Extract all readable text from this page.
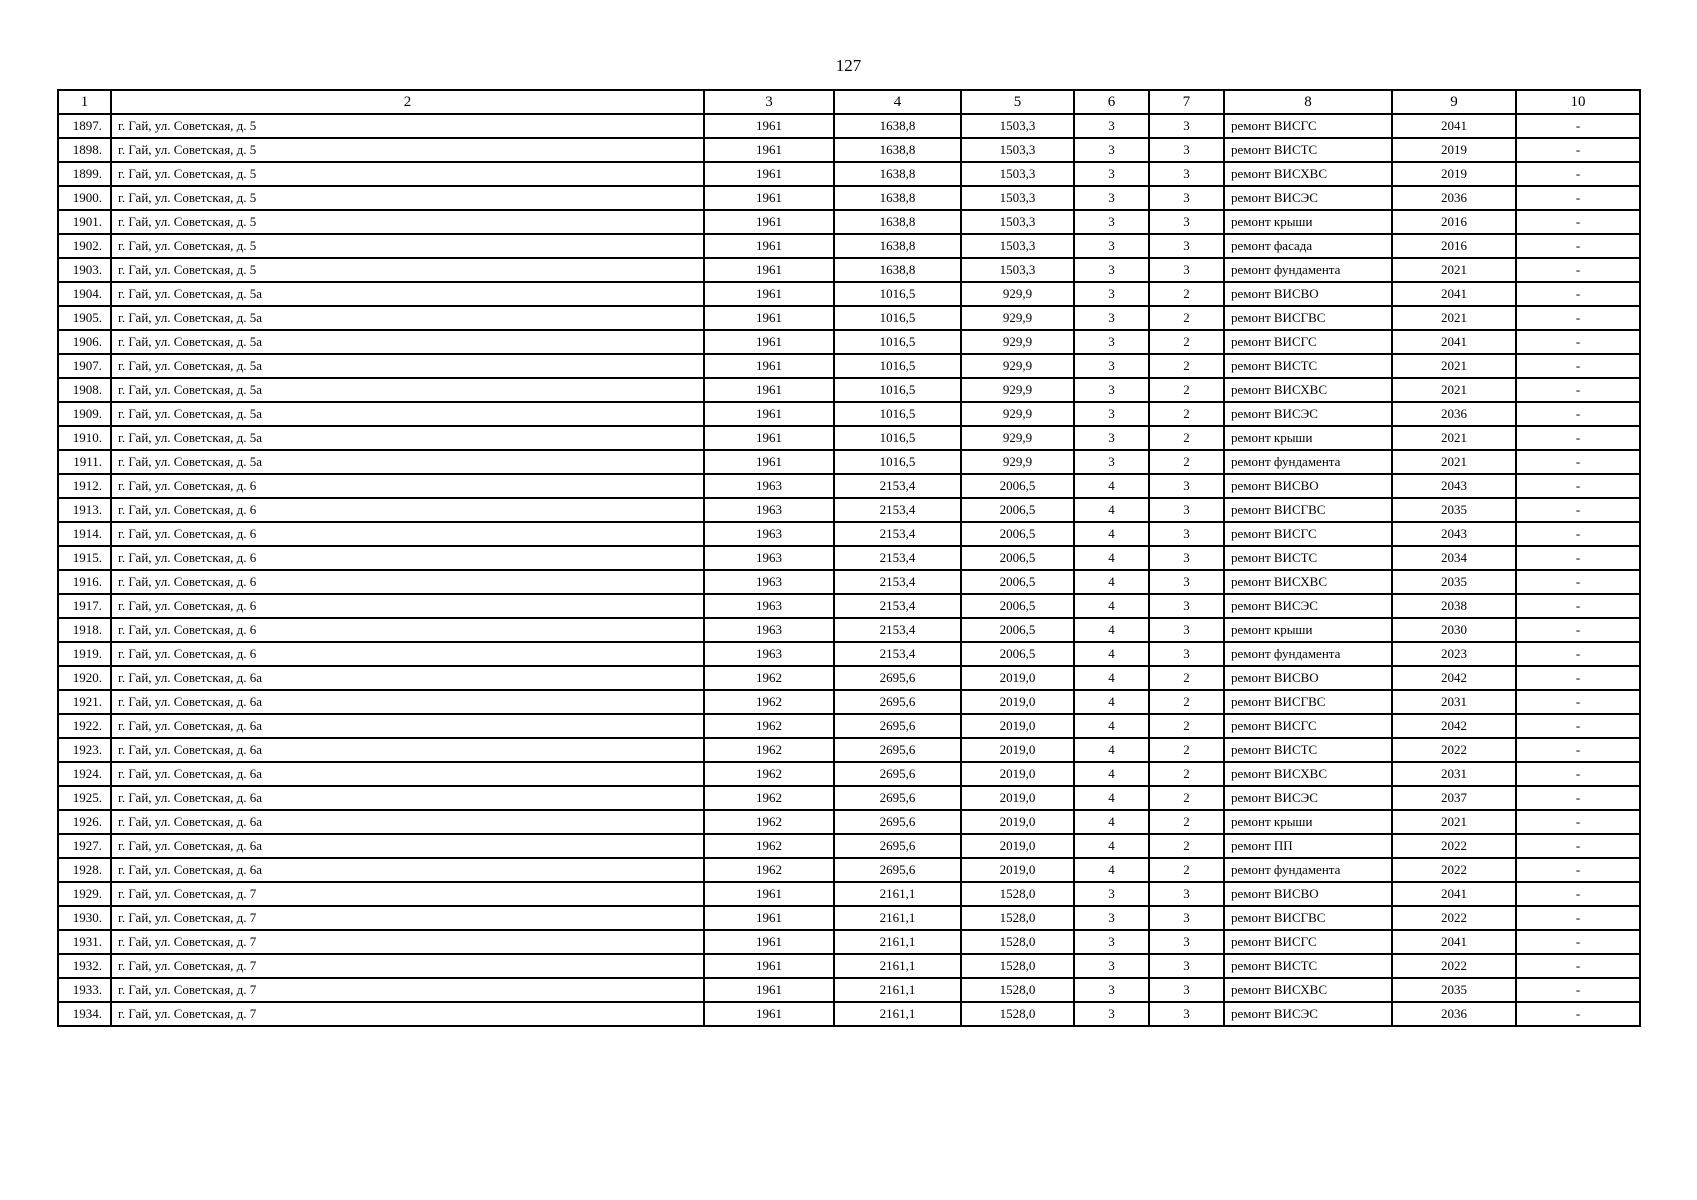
127
1	2	3	4	5	6	7	8	9	10
1897.	г. Гай, ул. Советская, д. 5	1961	1638,8	1503,3	3	3	ремонт ВИСГС	2041	-
1898.	г. Гай, ул. Советская, д. 5	1961	1638,8	1503,3	3	3	ремонт ВИСТС	2019	-
1899.	г. Гай, ул. Советская, д. 5	1961	1638,8	1503,3	3	3	ремонт ВИСХВС	2019	-
1900.	г. Гай, ул. Советская, д. 5	1961	1638,8	1503,3	3	3	ремонт ВИСЭС	2036	-
1901.	г. Гай, ул. Советская, д. 5	1961	1638,8	1503,3	3	3	ремонт крыши	2016	-
1902.	г. Гай, ул. Советская, д. 5	1961	1638,8	1503,3	3	3	ремонт фасада	2016	-
1903.	г. Гай, ул. Советская, д. 5	1961	1638,8	1503,3	3	3	ремонт фундамента	2021	-
1904.	г. Гай, ул. Советская, д. 5а	1961	1016,5	929,9	3	2	ремонт ВИСВО	2041	-
1905.	г. Гай, ул. Советская, д. 5а	1961	1016,5	929,9	3	2	ремонт ВИСГВС	2021	-
1906.	г. Гай, ул. Советская, д. 5а	1961	1016,5	929,9	3	2	ремонт ВИСГС	2041	-
1907.	г. Гай, ул. Советская, д. 5а	1961	1016,5	929,9	3	2	ремонт ВИСТС	2021	-
1908.	г. Гай, ул. Советская, д. 5а	1961	1016,5	929,9	3	2	ремонт ВИСХВС	2021	-
1909.	г. Гай, ул. Советская, д. 5а	1961	1016,5	929,9	3	2	ремонт ВИСЭС	2036	-
1910.	г. Гай, ул. Советская, д. 5а	1961	1016,5	929,9	3	2	ремонт крыши	2021	-
1911.	г. Гай, ул. Советская, д. 5а	1961	1016,5	929,9	3	2	ремонт фундамента	2021	-
1912.	г. Гай, ул. Советская, д. 6	1963	2153,4	2006,5	4	3	ремонт ВИСВО	2043	-
1913.	г. Гай, ул. Советская, д. 6	1963	2153,4	2006,5	4	3	ремонт ВИСГВС	2035	-
1914.	г. Гай, ул. Советская, д. 6	1963	2153,4	2006,5	4	3	ремонт ВИСГС	2043	-
1915.	г. Гай, ул. Советская, д. 6	1963	2153,4	2006,5	4	3	ремонт ВИСТС	2034	-
1916.	г. Гай, ул. Советская, д. 6	1963	2153,4	2006,5	4	3	ремонт ВИСХВС	2035	-
1917.	г. Гай, ул. Советская, д. 6	1963	2153,4	2006,5	4	3	ремонт ВИСЭС	2038	-
1918.	г. Гай, ул. Советская, д. 6	1963	2153,4	2006,5	4	3	ремонт крыши	2030	-
1919.	г. Гай, ул. Советская, д. 6	1963	2153,4	2006,5	4	3	ремонт фундамента	2023	-
1920.	г. Гай, ул. Советская, д. 6а	1962	2695,6	2019,0	4	2	ремонт ВИСВО	2042	-
1921.	г. Гай, ул. Советская, д. 6а	1962	2695,6	2019,0	4	2	ремонт ВИСГВС	2031	-
1922.	г. Гай, ул. Советская, д. 6а	1962	2695,6	2019,0	4	2	ремонт ВИСГС	2042	-
1923.	г. Гай, ул. Советская, д. 6а	1962	2695,6	2019,0	4	2	ремонт ВИСТС	2022	-
1924.	г. Гай, ул. Советская, д. 6а	1962	2695,6	2019,0	4	2	ремонт ВИСХВС	2031	-
1925.	г. Гай, ул. Советская, д. 6а	1962	2695,6	2019,0	4	2	ремонт ВИСЭС	2037	-
1926.	г. Гай, ул. Советская, д. 6а	1962	2695,6	2019,0	4	2	ремонт крыши	2021	-
1927.	г. Гай, ул. Советская, д. 6а	1962	2695,6	2019,0	4	2	ремонт ПП	2022	-
1928.	г. Гай, ул. Советская, д. 6а	1962	2695,6	2019,0	4	2	ремонт фундамента	2022	-
1929.	г. Гай, ул. Советская, д. 7	1961	2161,1	1528,0	3	3	ремонт ВИСВО	2041	-
1930.	г. Гай, ул. Советская, д. 7	1961	2161,1	1528,0	3	3	ремонт ВИСГВС	2022	-
1931.	г. Гай, ул. Советская, д. 7	1961	2161,1	1528,0	3	3	ремонт ВИСГС	2041	-
1932.	г. Гай, ул. Советская, д. 7	1961	2161,1	1528,0	3	3	ремонт ВИСТС	2022	-
1933.	г. Гай, ул. Советская, д. 7	1961	2161,1	1528,0	3	3	ремонт ВИСХВС	2035	-
1934.	г. Гай, ул. Советская, д. 7	1961	2161,1	1528,0	3	3	ремонт ВИСЭС	2036	-
